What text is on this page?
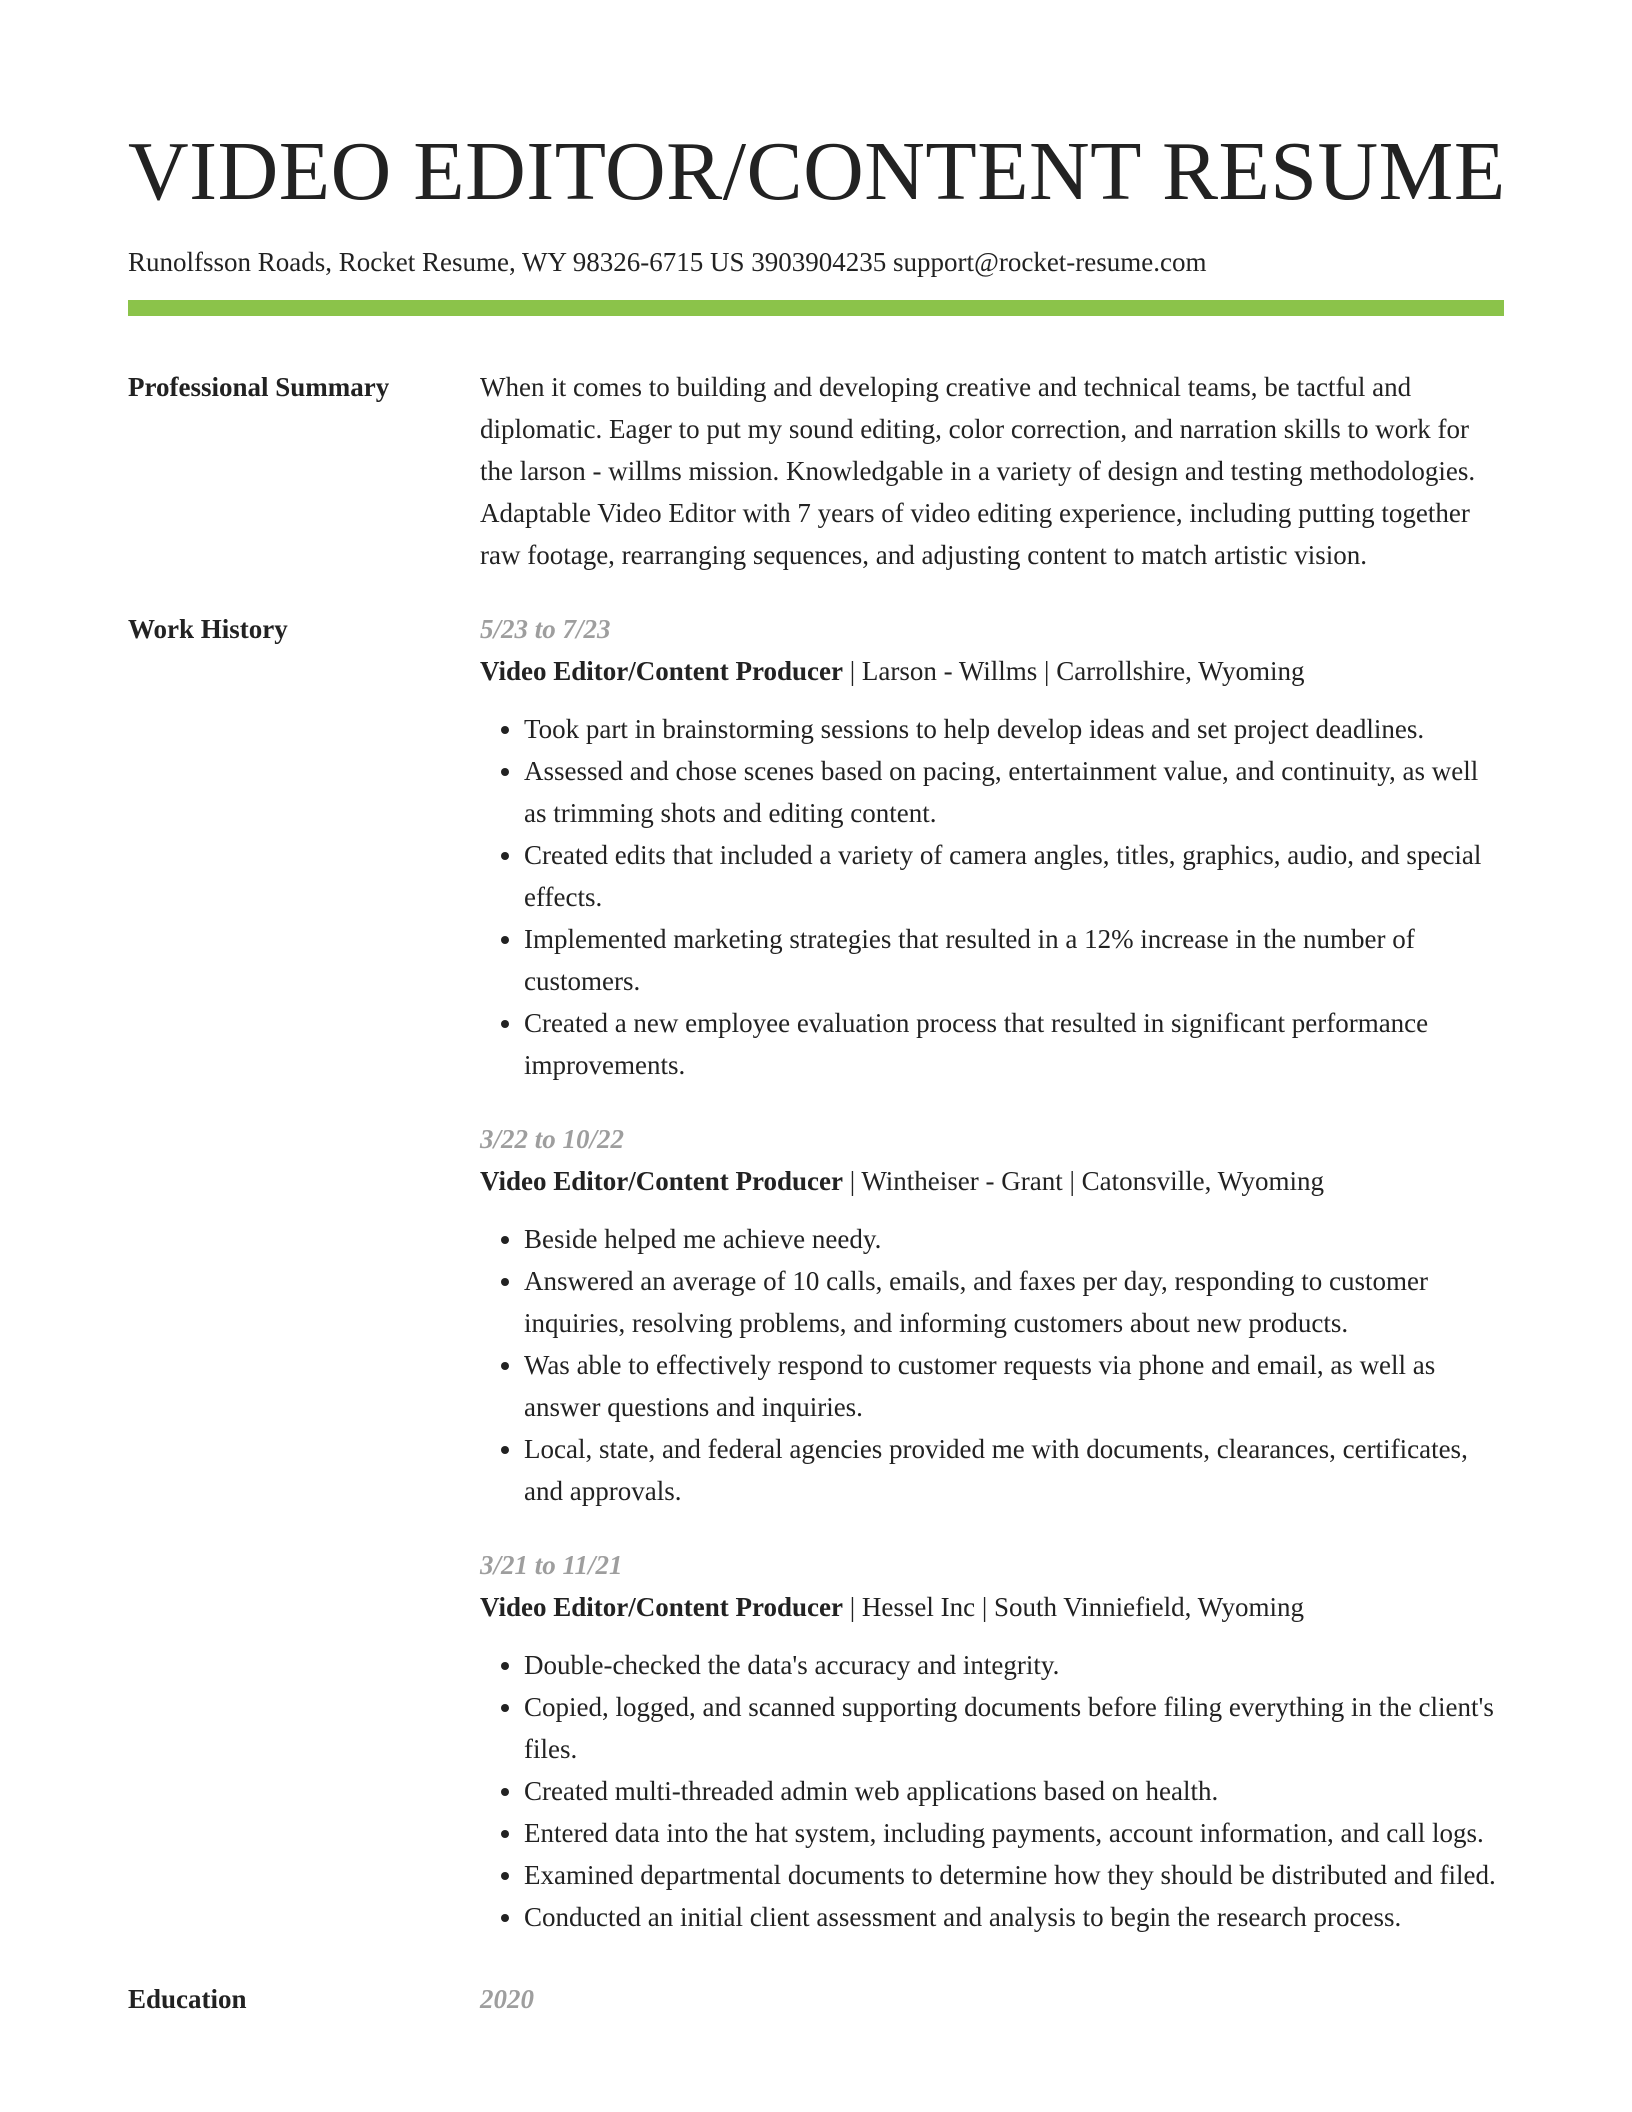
VIDEO EDITOR/CONTENT RESUME
Runolfsson Roads, Rocket Resume, WY 98326-6715 US 3903904235 support@rocket-resume.com
Professional Summary	When it comes to building and developing creative and technical teams, be tactful and diplomatic. Eager to put my sound editing, color correction, and narration skills to work for the larson - willms mission. Knowledgable in a variety of design and testing methodologies. Adaptable Video Editor with 7 years of video editing experience, including putting together raw footage, rearranging sequences, and adjusting content to match artistic vision.
Work History	5/23 to 7/23
Video Editor/Content Producer | Larson - Willms | Carrollshire, Wyoming
• Took part in brainstorming sessions to help develop ideas and set project deadlines.
• Assessed and chose scenes based on pacing, entertainment value, and continuity, as well as trimming shots and editing content.
• Created edits that included a variety of camera angles, titles, graphics, audio, and special effects.
• Implemented marketing strategies that resulted in a 12% increase in the number of customers.
• Created a new employee evaluation process that resulted in significant performance improvements.
3/22 to 10/22
Video Editor/Content Producer | Wintheiser - Grant | Catonsville, Wyoming
• Beside helped me achieve needy.
• Answered an average of 10 calls, emails, and faxes per day, responding to customer inquiries, resolving problems, and informing customers about new products.
• Was able to effectively respond to customer requests via phone and email, as well as answer questions and inquiries.
• Local, state, and federal agencies provided me with documents, clearances, certificates, and approvals.
3/21 to 11/21
Video Editor/Content Producer | Hessel Inc | South Vinniefield, Wyoming
• Double-checked the data's accuracy and integrity.
• Copied, logged, and scanned supporting documents before filing everything in the client's files.
• Created multi-threaded admin web applications based on health.
• Entered data into the hat system, including payments, account information, and call logs.
• Examined departmental documents to determine how they should be distributed and filed.
• Conducted an initial client assessment and analysis to begin the research process.
Education	2020
